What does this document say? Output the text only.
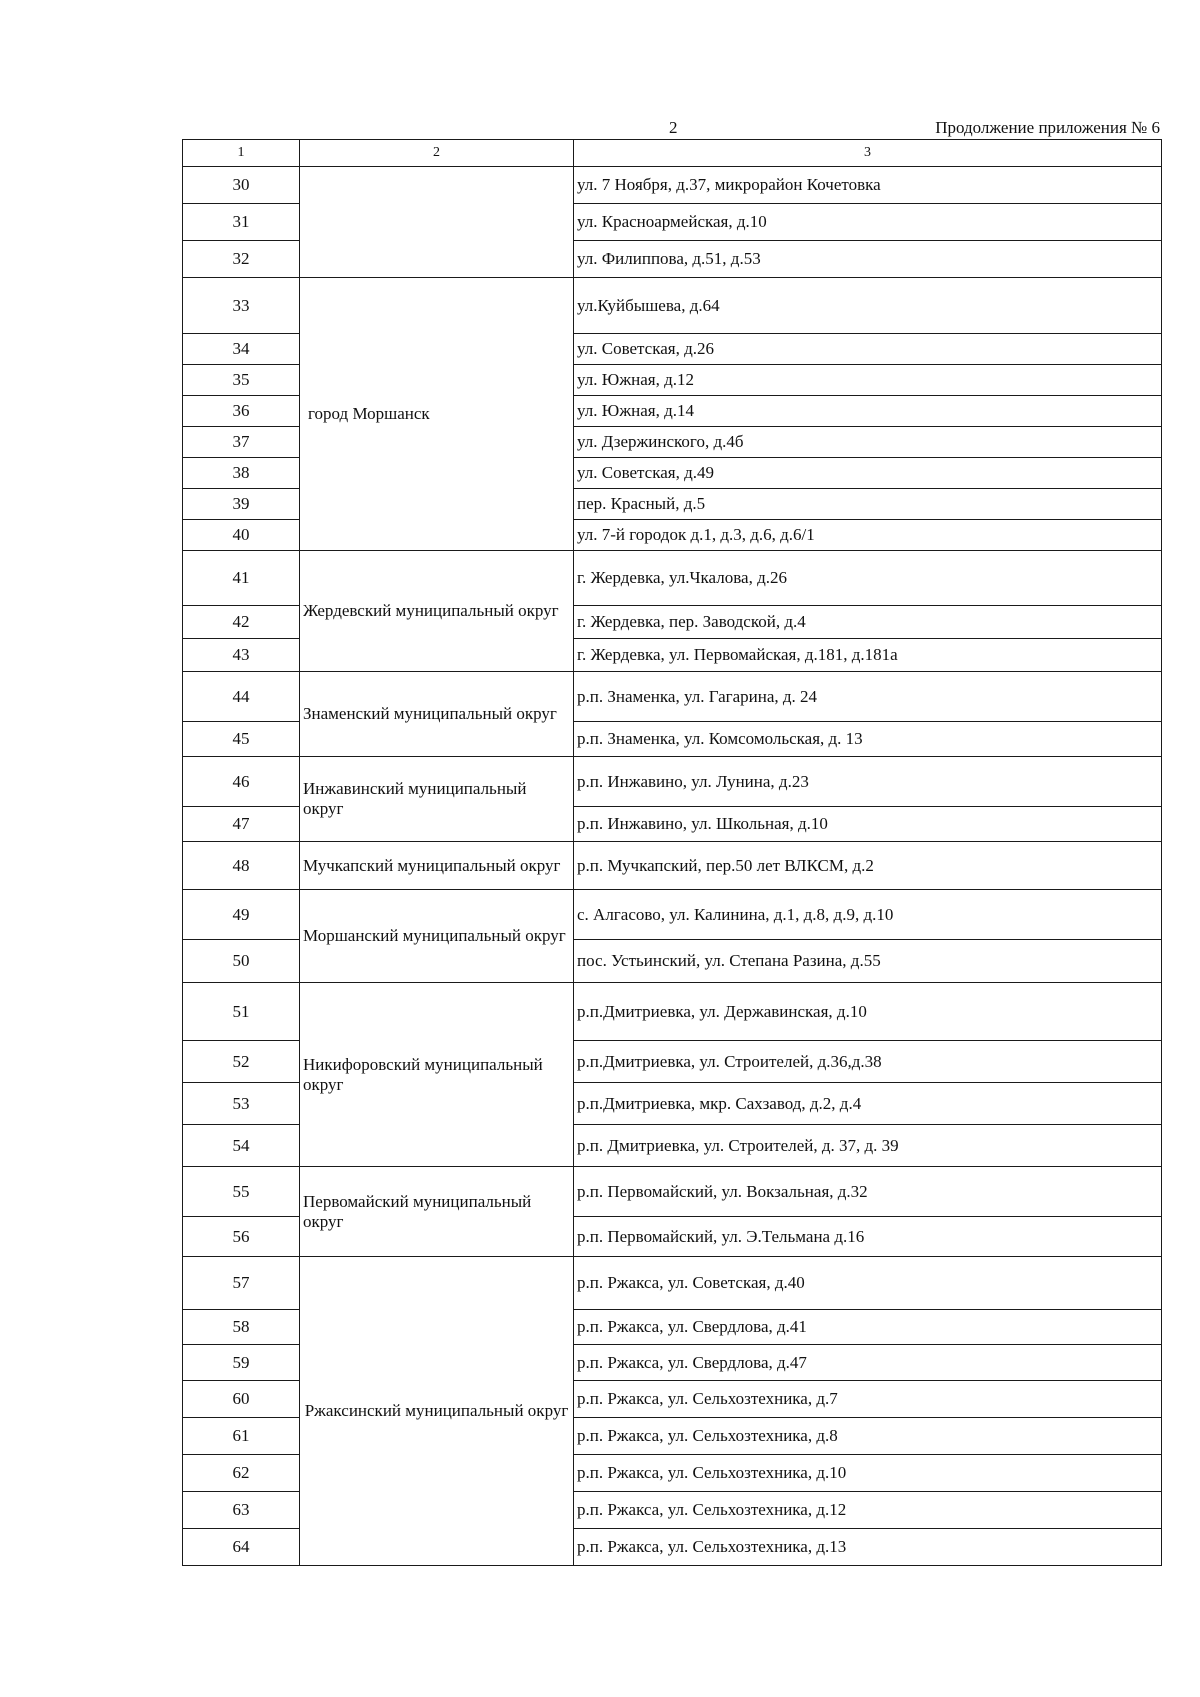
2	Продолжение приложения № 6
1	2	3
30		ул. 7 Ноября, д.37, микрорайон Кочетовка
31		ул. Красноармейская, д.10
32		ул. Филиппова, д.51, д.53
33	город Моршанск	ул.Куйбышева, д.64
34		ул. Советская, д.26
35		ул. Южная, д.12
36		ул. Южная, д.14
37		ул. Дзержинского, д.4б
38		ул. Советская, д.49
39		пер. Красный, д.5
40		ул. 7-й городок д.1, д.3, д.6, д.6/1
41	Жердевский муниципальный округ	г. Жердевка, ул.Чкалова, д.26
42		г. Жердевка, пер. Заводской, д.4
43		г. Жердевка, ул. Первомайская, д.181, д.181а
44	Знаменский муниципальный округ	р.п. Знаменка, ул. Гагарина, д. 24
45		р.п. Знаменка, ул. Комсомольская, д. 13
46	Инжавинский муниципальный округ	р.п. Инжавино, ул. Лунина, д.23
47		р.п. Инжавино, ул. Школьная, д.10
48	Мучкапский муниципальный округ	р.п. Мучкапский, пер.50 лет ВЛКСМ, д.2
49	Моршанский муниципальный округ	с. Алгасово, ул. Калинина, д.1, д.8, д.9, д.10
50		пос. Устьинский, ул. Степана Разина, д.55
51	Никифоровский муниципальный округ	р.п.Дмитриевка, ул. Державинская, д.10
52		р.п.Дмитриевка, ул. Строителей, д.36,д.38
53		р.п.Дмитриевка, мкр. Сахзавод, д.2, д.4
54		р.п. Дмитриевка, ул. Строителей, д. 37, д. 39
55	Первомайский муниципальный округ	р.п. Первомайский, ул. Вокзальная, д.32
56		р.п. Первомайский, ул. Э.Тельмана д.16
57	Ржаксинский муниципальный округ	р.п. Ржакса, ул. Советская, д.40
58		р.п. Ржакса, ул. Свердлова, д.41
59		р.п. Ржакса, ул. Свердлова, д.47
60		р.п. Ржакса, ул. Сельхозтехника, д.7
61		р.п. Ржакса, ул. Сельхозтехника, д.8
62		р.п. Ржакса, ул. Сельхозтехника, д.10
63		р.п. Ржакса, ул. Сельхозтехника, д.12
64		р.п. Ржакса, ул. Сельхозтехника, д.13
